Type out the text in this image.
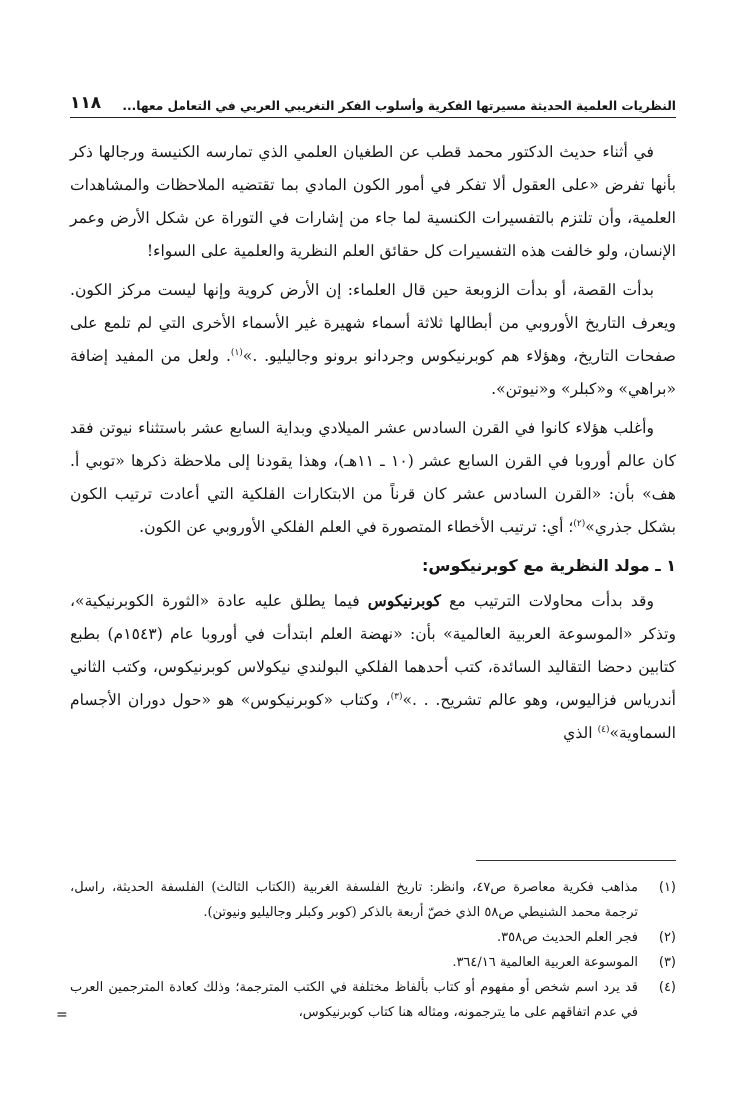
النظريات العلمية الحديثة مسيرتها الفكرية وأسلوب الفكر التغريبي العربي في التعامل معها...
١١٨

في أثناء حديث الدكتور محمد قطب عن الطغيان العلمي الذي تمارسه الكنيسة ورجالها ذكر بأنها تفرض «على العقول ألا تفكر في أمور الكون المادي بما تقتضيه الملاحظات والمشاهدات العلمية، وأن تلتزم بالتفسيرات الكنسية لما جاء من إشارات في التوراة عن شكل الأرض وعمر الإنسان، ولو خالفت هذه التفسيرات كل حقائق العلم النظرية والعلمية على السواء!

بدأت القصة، أو بدأت الزوبعة حين قال العلماء: إن الأرض كروية وإنها ليست مركز الكون. ويعرف التاريخ الأوروبي من أبطالها ثلاثة أسماء شهيرة غير الأسماء الأخرى التي لم تلمع على صفحات التاريخ، وهؤلاء هم كوبرنيكوس وجردانو برونو وجاليليو. .»$^{(١)}$. ولعل من المفيد إضافة «براهي» و«كبلر» و«نيوتن».

وأغلب هؤلاء كانوا في القرن السادس عشر الميلادي وبداية السابع عشر باستثناء نيوتن فقد كان عالم أوروبا في القرن السابع عشر (١٠ ـ ١١هـ)، وهذا يقودنا إلى ملاحظة ذكرها «توبي أ. هف» بأن: «القرن السادس عشر كان قرناً من الابتكارات الفلكية التي أعادت ترتيب الكون بشكل جذري»$^{(٢)}$؛ أي: ترتيب الأخطاء المتصورة في العلم الفلكي الأوروبي عن الكون.

١ ـ مولد النظرية مع كوبرنيكوس:

وقد بدأت محاولات الترتيب مع كوبرنيكوس فيما يطلق عليه عادة «الثورة الكوبرنيكية»، وتذكر «الموسوعة العربية العالمية» بأن: «نهضة العلم ابتدأت في أوروبا عام (١٥٤٣م) بطبع كتابين دحضا التقاليد السائدة، كتب أحدهما الفلكي البولندي نيكولاس كوبرنيكوس، وكتب الثاني أندرياس فزاليوس، وهو عالم تشريح. . .»$^{(٣)}$، وكتاب «كوبرنيكوس» هو «حول دوران الأجسام السماوية»$^{(٤)}$ الذي

(١)
مذاهب فكرية معاصرة ص٤٧، وانظر: تاريخ الفلسفة الغربية (الكتاب الثالث) الفلسفة الحديثة، راسل، ترجمة محمد الشنيطي ص٥٨ الذي خصّ أربعة بالذكر (كوبر وكبلر وجاليليو ونيوتن).
(٢)
فجر العلم الحديث ص٣٥٨.
(٣)
الموسوعة العربية العالمية ٣٦٤/١٦.
(٤)
قد يرد اسم شخص أو مفهوم أو كتاب بألفاظ مختلفة في الكتب المترجمة؛ وذلك كعادة المترجمين العرب في عدم اتفاقهم على ما يترجمونه، ومثاله هنا كتاب كوبرنيكوس،
=
